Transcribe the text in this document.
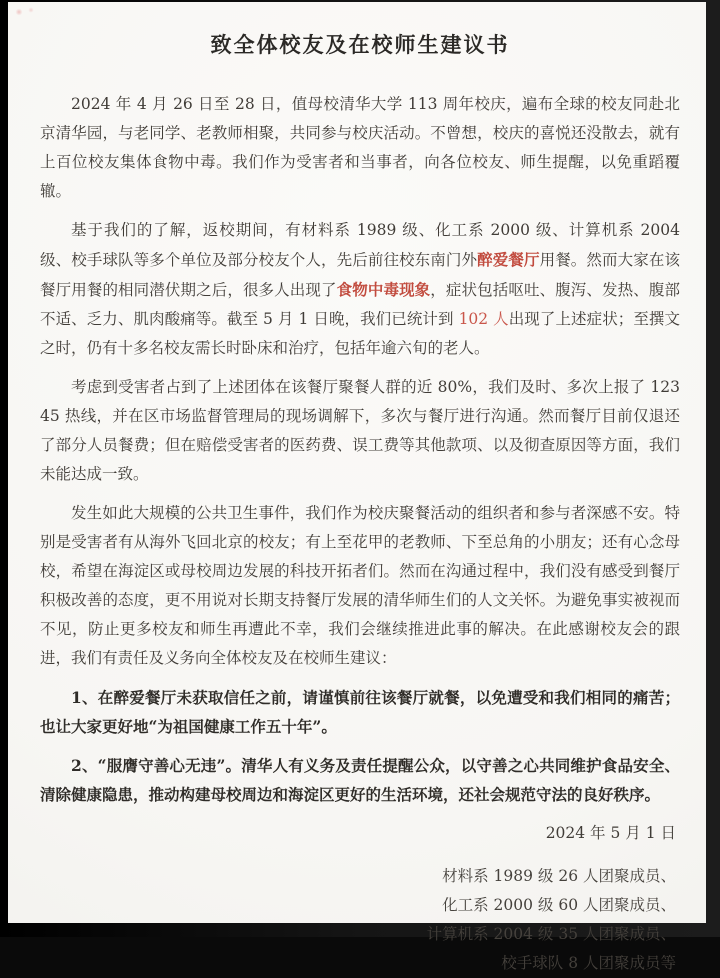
致全体校友及在校师生建议书

2024 年 4 月 26 日至 28 日，值母校清华大学 113 周年校庆，遍布全球的校友同赴北京清华园，与老同学、老教师相聚，共同参与校庆活动。不曾想，校庆的喜悦还没散去，就有上百位校友集体食物中毒。我们作为受害者和当事者，向各位校友、师生提醒，以免重蹈覆辙。

基于我们的了解，返校期间，有材料系 1989 级、化工系 2000 级、计算机系 2004 级、校手球队等多个单位及部分校友个人，先后前往校东南门外醉爱餐厅用餐。然而大家在该餐厅用餐的相同潜伏期之后，很多人出现了食物中毒现象，症状包括呕吐、腹泻、发热、腹部不适、乏力、肌肉酸痛等。截至 5 月 1 日晚，我们已统计到 102 人出现了上述症状；至撰文之时，仍有十多名校友需长时卧床和治疗，包括年逾六旬的老人。

考虑到受害者占到了上述团体在该餐厅聚餐人群的近 80%，我们及时、多次上报了 12345 热线，并在区市场监督管理局的现场调解下，多次与餐厅进行沟通。然而餐厅目前仅退还了部分人员餐费；但在赔偿受害者的医药费、误工费等其他款项、以及彻查原因等方面，我们未能达成一致。

发生如此大规模的公共卫生事件，我们作为校庆聚餐活动的组织者和参与者深感不安。特别是受害者有从海外飞回北京的校友；有上至花甲的老教师、下至总角的小朋友；还有心念母校，希望在海淀区或母校周边发展的科技开拓者们。然而在沟通过程中，我们没有感受到餐厅积极改善的态度，更不用说对长期支持餐厅发展的清华师生们的人文关怀。为避免事实被视而不见，防止更多校友和师生再遭此不幸，我们会继续推进此事的解决。在此感谢校友会的跟进，我们有责任及义务向全体校友及在校师生建议：

1、在醉爱餐厅未获取信任之前，请谨慎前往该餐厅就餐，以免遭受和我们相同的痛苦；也让大家更好地“为祖国健康工作五十年”。

2、“服膺守善心无违”。清华人有义务及责任提醒公众，以守善之心共同维护食品安全、清除健康隐患，推动构建母校周边和海淀区更好的生活环境，还社会规范守法的良好秩序。

2024 年 5 月 1 日
材料系 1989 级 26 人团聚成员、
化工系 2000 级 60 人团聚成员、
计算机系 2004 级 35 人团聚成员、
校手球队 8 人团聚成员等
